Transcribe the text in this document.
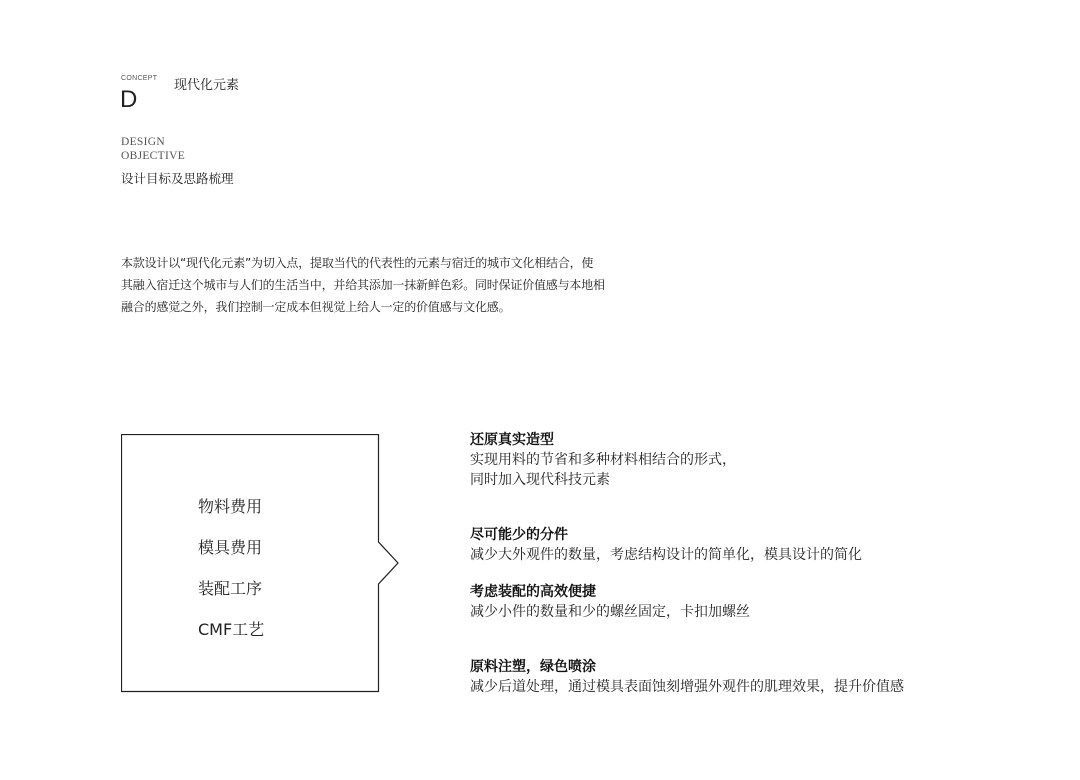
CONCEPT 现代化元素
D
DESIGN
OBJECTIVE
设计目标及思路梳理
本款设计以“现代化元素”为切入点，提取当代的代表性的元素与宿迁的城市文化相结合，使
其融入宿迁这个城市与人们的生活当中，并给其添加一抹新鲜色彩。同时保证价值感与本地相
融合的感觉之外，我们控制一定成本但视觉上给人一定的价值感与文化感。
物料费用
模具费用
装配工序
CMF工艺
还原真实造型
实现用料的节省和多种材料相结合的形式，
同时加入现代科技元素
尽可能少的分件
减少大外观件的数量，考虑结构设计的简单化，模具设计的简化
考虑装配的高效便捷
减少小件的数量和少的螺丝固定，卡扣加螺丝
原料注塑，绿色喷涂
减少后道处理，通过模具表面蚀刻增强外观件的肌理效果，提升价值感
